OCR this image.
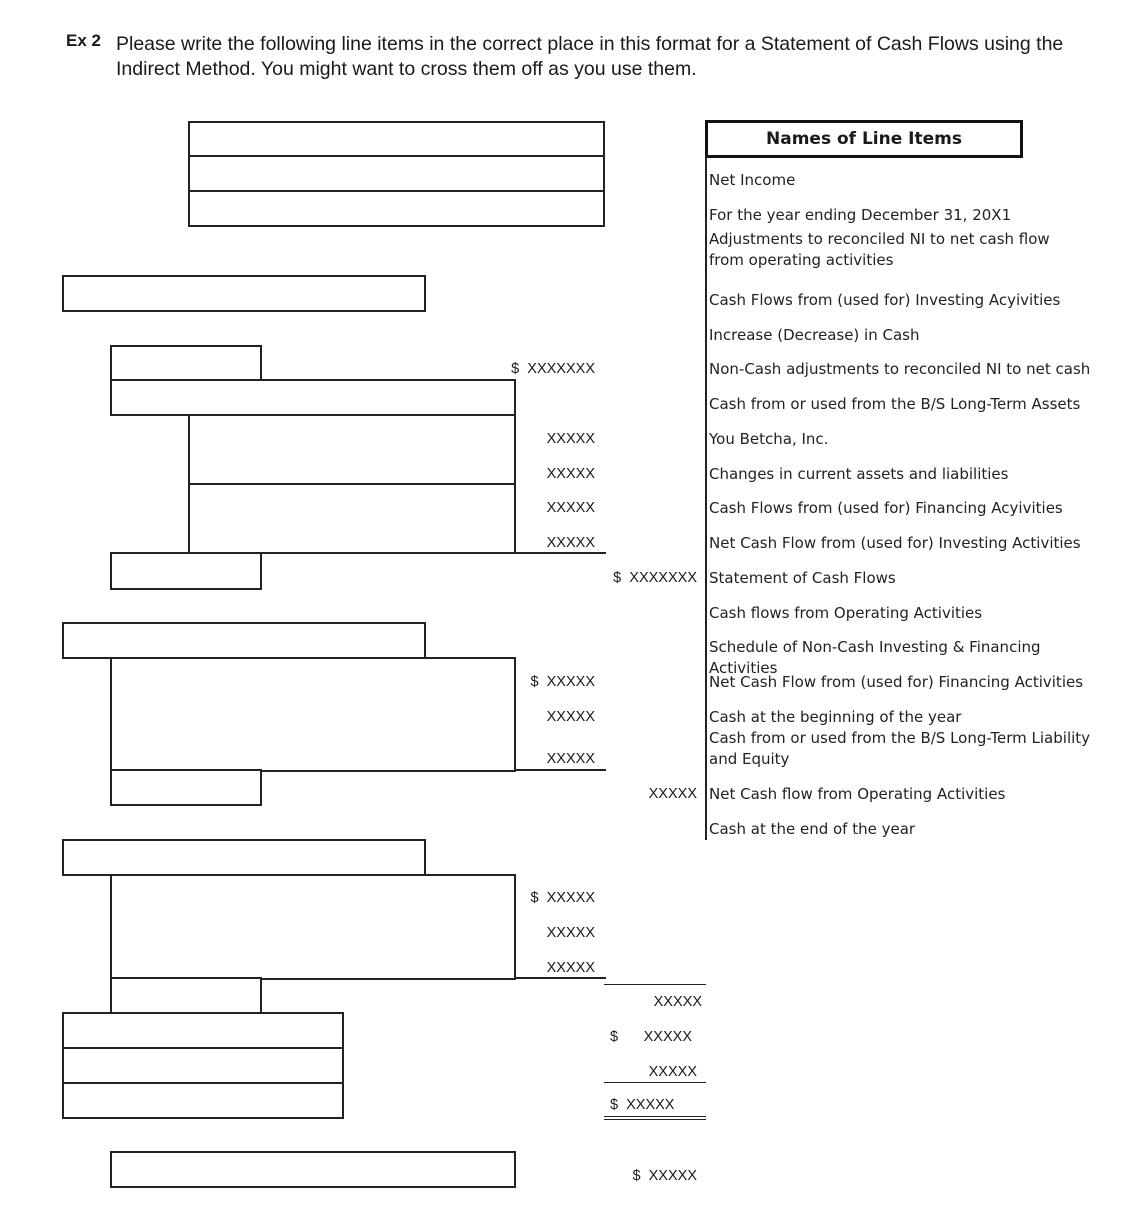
Ex 2 Please write the following line items in the correct place in this format for a Statement of Cash Flows using the Indirect Method. You might want to cross them off as you use them.
$  XXXXXXX
XXXXX
XXXXX
XXXXX
XXXXX
$  XXXXXXX
$  XXXXX
XXXXX
XXXXX
XXXXX
$  XXXXX
XXXXX
XXXXX
XXXXX
$ XXXXX
XXXXX
$  XXXXX
$  XXXXX
Names of Line Items
Net Income
For the year ending December 31, 20X1
Adjustments to reconciled NI to net cash flow from operating activities
Cash Flows from (used for) Investing Acyivities
Increase (Decrease) in Cash
Non-Cash adjustments to reconciled NI to net cash
Cash from or used from the B/S Long-Term Assets
You Betcha, Inc.
Changes in current assets and liabilities
Cash Flows from (used for) Financing Acyivities
Net Cash Flow from (used for) Investing Activities
Statement of Cash Flows
Cash flows from Operating Activities
Schedule of Non-Cash Investing & Financing Activities
Net Cash Flow from (used for) Financing Activities
Cash at the beginning of the year
Cash from or used from the B/S Long-Term Liability and Equity
Net Cash flow from Operating Activities
Cash at the end of the year
